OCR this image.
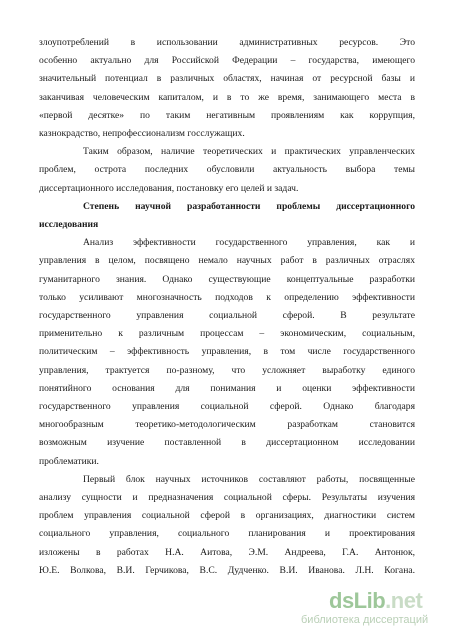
злоупотреблений в использовании административных ресурсов. Это
особенно актуально для Российской Федерации – государства, имеющего
значительный потенциал в различных областях, начиная от ресурсной базы и
заканчивая человеческим капиталом, и в то же время, занимающего места в
«первой десятке» по таким негативным проявлениям как коррупция,
казнокрадство, непрофессионализм госслужащих.
Таким образом, наличие теоретических и практических управленческих
проблем, острота последних обусловили актуальность выбора темы
диссертационного исследования, постановку его целей и задач.
Степень научной разработанности проблемы диссертационного
исследования
Анализ эффективности государственного управления, как и
управления в целом, посвящено немало научных работ в различных отраслях
гуманитарного знания. Однако существующие концептуальные разработки
только усиливают многозначность подходов к определению эффективности
государственного управления социальной сферой. В результате
применительно к различным процессам – экономическим, социальным,
политическим – эффективность управления, в том числе государственного
управления, трактуется по-разному, что усложняет выработку единого
понятийного основания для понимания и оценки эффективности
государственного управления социальной сферой. Однако благодаря
многообразным теоретико-методологическим разработкам становится
возможным изучение поставленной в диссертационном исследовании
проблематики.
Первый блок научных источников составляют работы, посвященные
анализу сущности и предназначения социальной сферы. Результаты изучения
проблем управления социальной сферой в организациях, диагностики систем
социального управления, социального планирования и проектирования
изложены в работах Н.А. Аитова, Э.М. Андреева, Г.А. Антонюк,
Ю.Е. Волкова, В.И. Герчикова, В.С. Дудченко. В.И. Иванова. Л.Н. Когана.
dsLib.net
библиотека диссертаций
